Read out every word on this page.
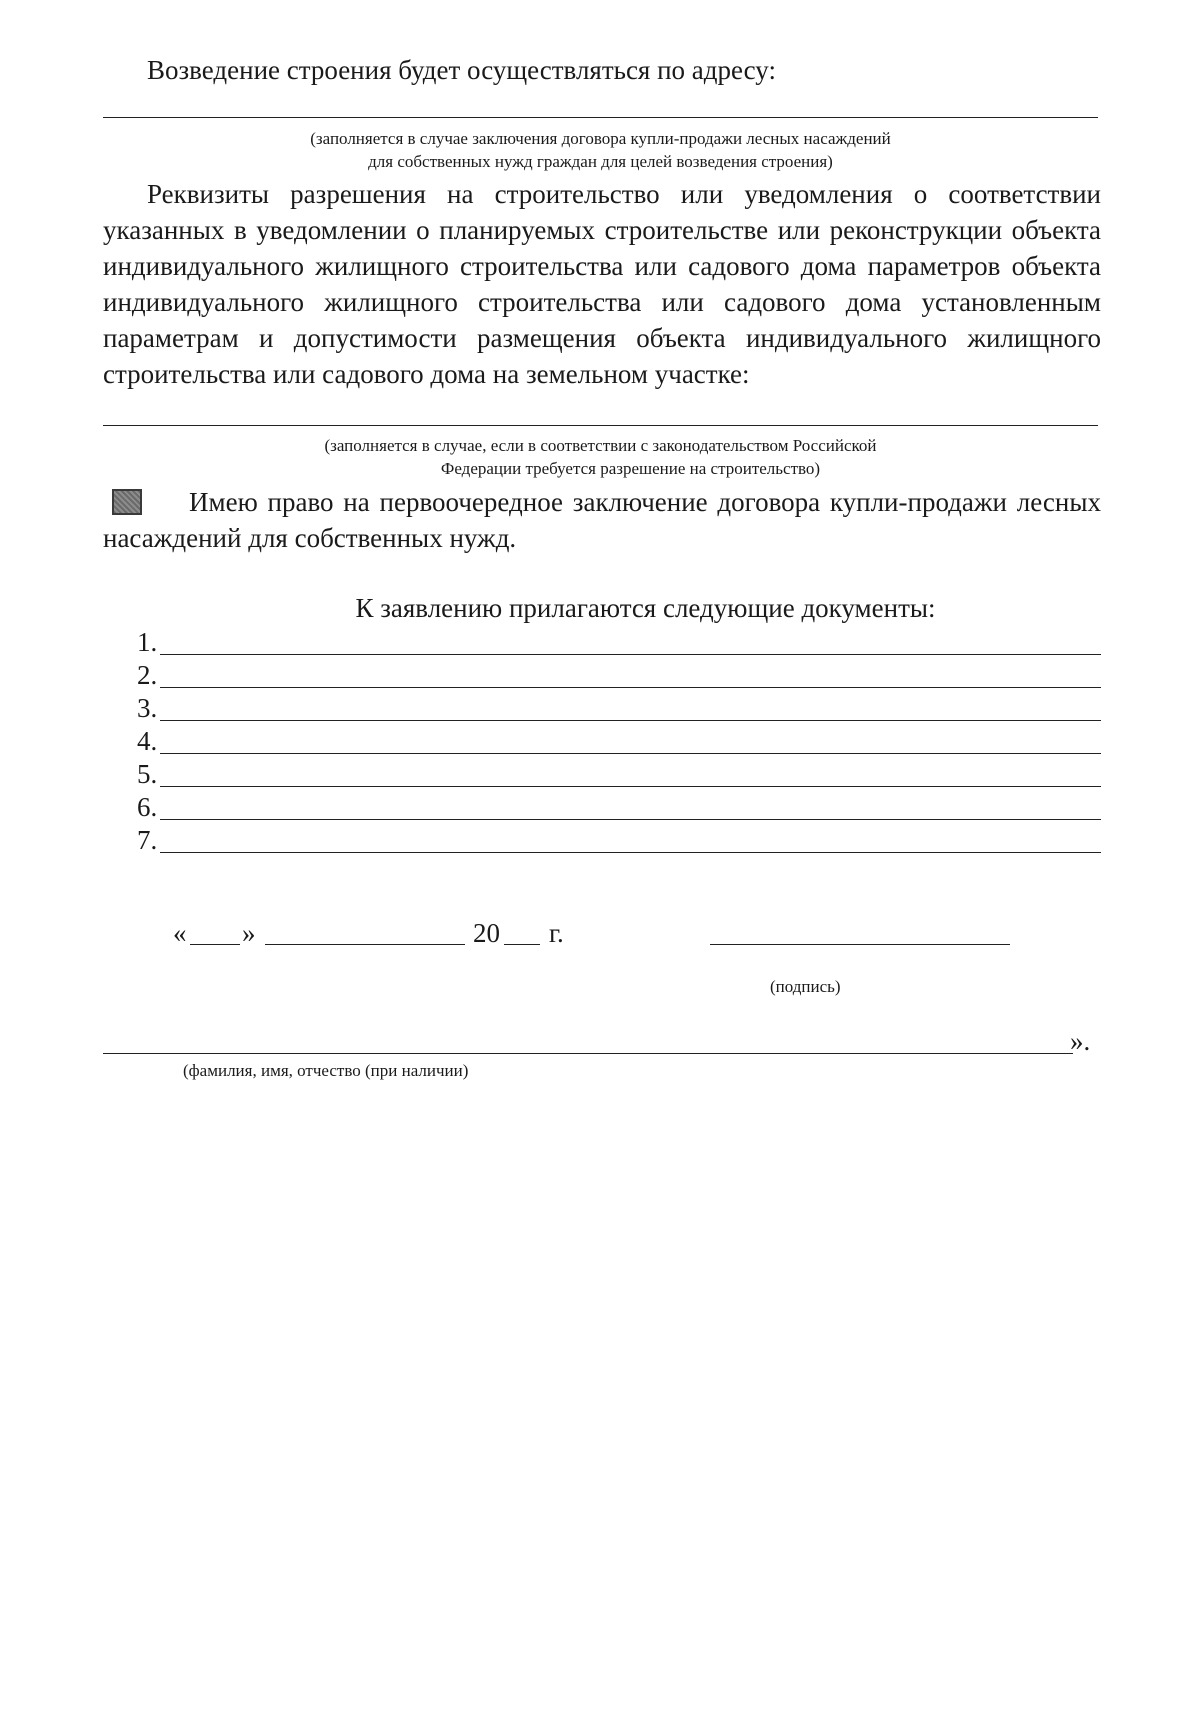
Возведение строения будет осуществляться по адресу:
(заполняется в случае заключения договора купли-продажи лесных насаждений
для собственных нужд граждан для целей возведения строения)
Реквизиты разрешения на строительство или уведомления о соответствии
указанных в уведомлении о планируемых строительстве или реконструкции объекта
индивидуального жилищного строительства или садового дома параметров объекта
индивидуального жилищного строительства или садового дома установленным
параметрам и допустимости размещения объекта индивидуального жилищного
строительства или садового дома на земельном участке:
(заполняется в случае, если в соответствии с законодательством Российской
Федерации требуется разрешение на строительство)
Имею право на первоочередное заключение договора купли-продажи лесных
насаждений для собственных нужд.
К заявлению прилагаются следующие документы:
1.
2.
3.
4.
5.
6.
7.
« »	20 г.
(подпись)
».
(фамилия, имя, отчество (при наличии)
